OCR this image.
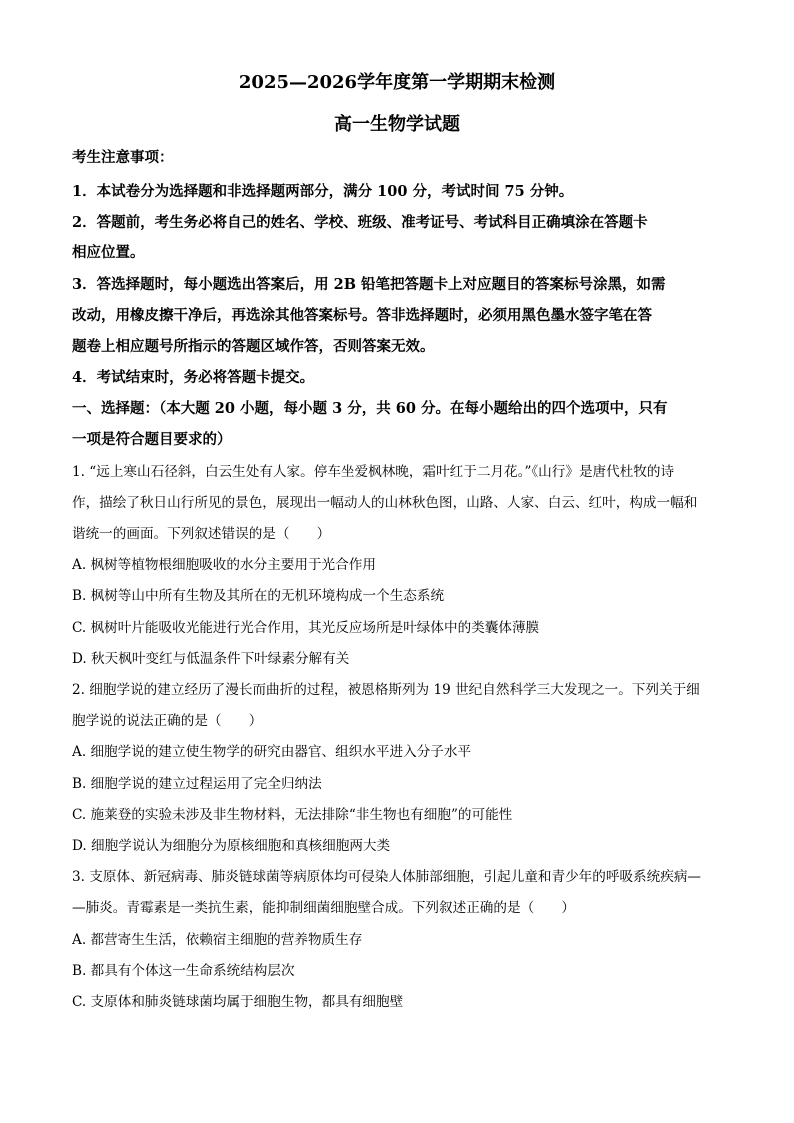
2025—2026学年度第一学期期末检测
高一生物学试题
考生注意事项：
1．本试卷分为选择题和非选择题两部分，满分 100 分，考试时间 75 分钟。
2．答题前，考生务必将自己的姓名、学校、班级、准考证号、考试科目正确填涂在答题卡
相应位置。
3．答选择题时，每小题选出答案后，用 2B 铅笔把答题卡上对应题目的答案标号涂黑，如需
改动，用橡皮擦干净后，再选涂其他答案标号。答非选择题时，必须用黑色墨水签字笔在答
题卷上相应题号所指示的答题区域作答，否则答案无效。
4．考试结束时，务必将答题卡提交。
一、选择题：（本大题 20 小题，每小题 3 分，共 60 分。在每小题给出的四个选项中，只有
一项是符合题目要求的）
1. “远上寒山石径斜，白云生处有人家。停车坐爱枫林晚，霜叶红于二月花。”《山行》是唐代杜牧的诗
作，描绘了秋日山行所见的景色，展现出一幅动人的山林秋色图，山路、人家、白云、红叶，构成一幅和
谐统一的画面。下列叙述错误的是（　　）
A. 枫树等植物根细胞吸收的水分主要用于光合作用
B. 枫树等山中所有生物及其所在的无机环境构成一个生态系统
C. 枫树叶片能吸收光能进行光合作用，其光反应场所是叶绿体中的类囊体薄膜
D. 秋天枫叶变红与低温条件下叶绿素分解有关
2. 细胞学说的建立经历了漫长而曲折的过程，被恩格斯列为 19 世纪自然科学三大发现之一。下列关于细
胞学说的说法正确的是（　　）
A. 细胞学说的建立使生物学的研究由器官、组织水平进入分子水平
B. 细胞学说的建立过程运用了完全归纳法
C. 施莱登的实验未涉及非生物材料，无法排除“非生物也有细胞”的可能性
D. 细胞学说认为细胞分为原核细胞和真核细胞两大类
3. 支原体、新冠病毒、肺炎链球菌等病原体均可侵染人体肺部细胞，引起儿童和青少年的呼吸系统疾病—
—肺炎。青霉素是一类抗生素，能抑制细菌细胞壁合成。下列叙述正确的是（　　）
A. 都营寄生生活，依赖宿主细胞的营养物质生存
B. 都具有个体这一生命系统结构层次
C. 支原体和肺炎链球菌均属于细胞生物，都具有细胞壁
